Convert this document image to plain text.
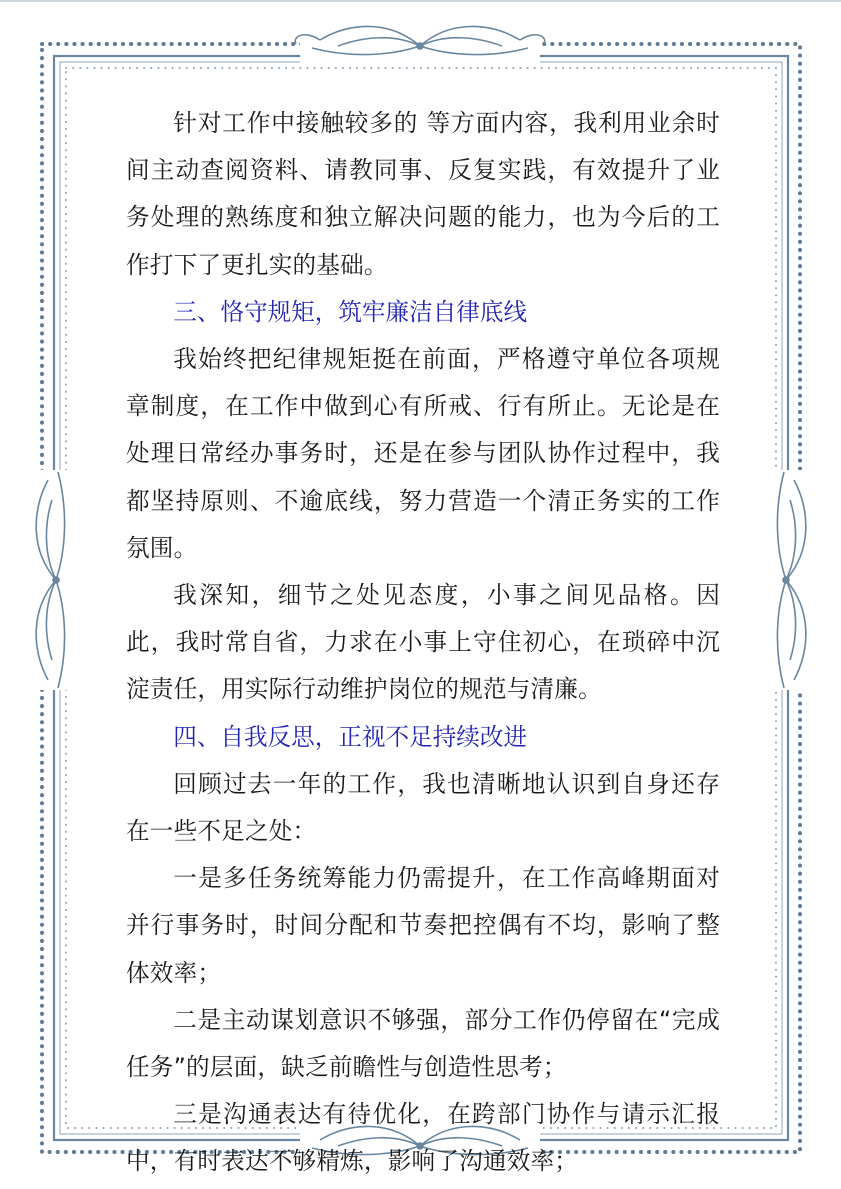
针对工作中接触较多的 等方面内容，我利用业余时间主动查阅资料、请教同事、反复实践，有效提升了业务处理的熟练度和独立解决问题的能力，也为今后的工作打下了更扎实的基础。

三、恪守规矩，筑牢廉洁自律底线

我始终把纪律规矩挺在前面，严格遵守单位各项规章制度，在工作中做到心有所戒、行有所止。无论是在处理日常经办事务时，还是在参与团队协作过程中，我都坚持原则、不逾底线，努力营造一个清正务实的工作氛围。

我深知，细节之处见态度，小事之间见品格。因此，我时常自省，力求在小事上守住初心，在琐碎中沉淀责任，用实际行动维护岗位的规范与清廉。

四、自我反思，正视不足持续改进

回顾过去一年的工作，我也清晰地认识到自身还存在一些不足之处：

一是多任务统筹能力仍需提升，在工作高峰期面对并行事务时，时间分配和节奏把控偶有不均，影响了整体效率；

二是主动谋划意识不够强，部分工作仍停留在“完成任务”的层面，缺乏前瞻性与创造性思考；

三是沟通表达有待优化，在跨部门协作与请示汇报中，有时表达不够精炼，影响了沟通效率；
